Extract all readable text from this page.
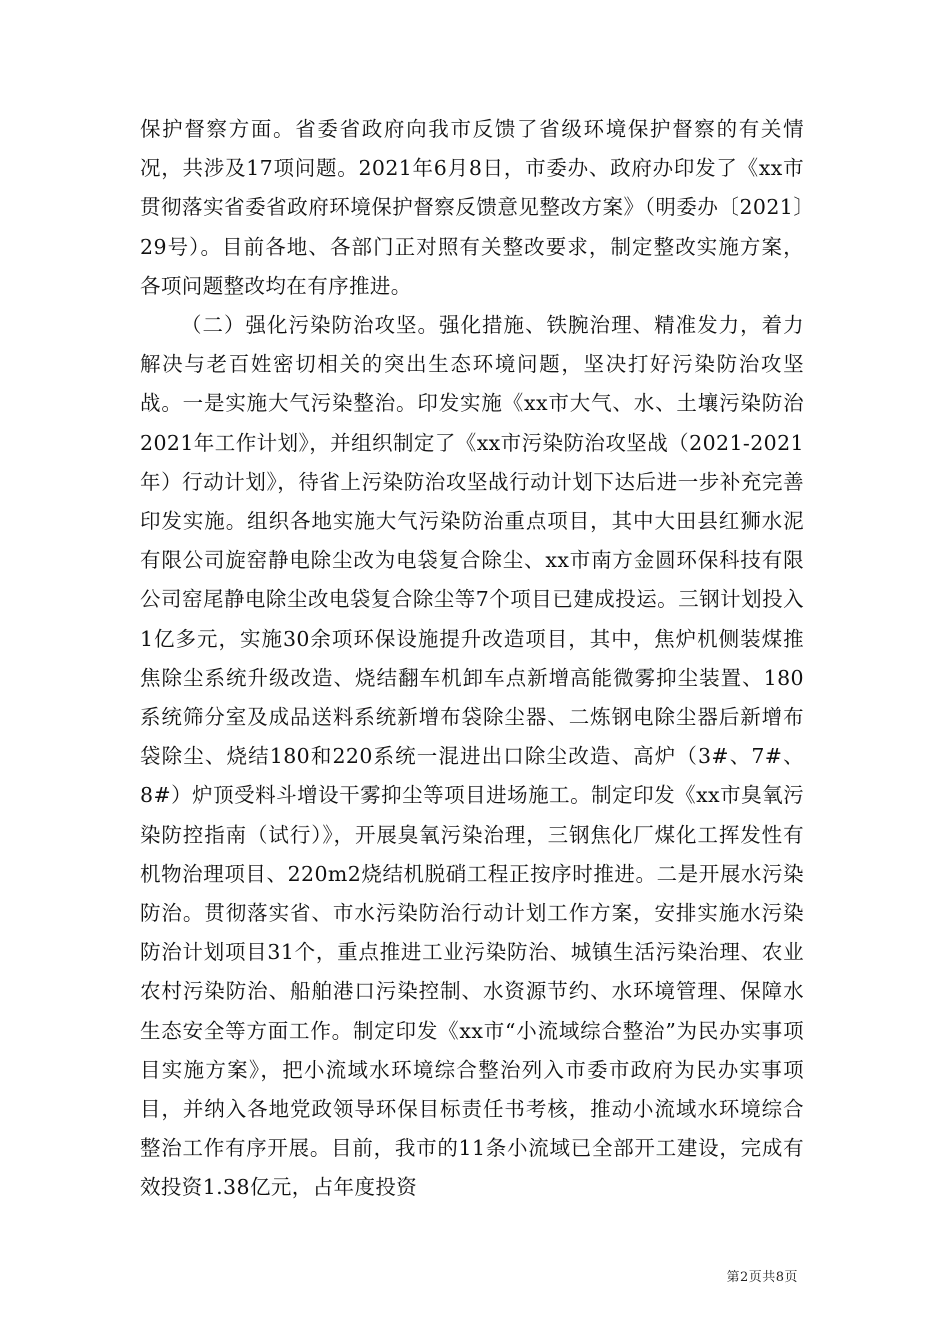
保护督察方面。省委省政府向我市反馈了省级环境保护督察的有关情况，共涉及17项问题。2021年6月8日，市委办、政府办印发了《xx市贯彻落实省委省政府环境保护督察反馈意见整改方案》（明委办〔2021〕29号）。目前各地、各部门正对照有关整改要求，制定整改实施方案，各项问题整改均在有序推进。

（二）强化污染防治攻坚。强化措施、铁腕治理、精准发力，着力解决与老百姓密切相关的突出生态环境问题，坚决打好污染防治攻坚战。一是实施大气污染整治。印发实施《xx市大气、水、土壤污染防治2021年工作计划》，并组织制定了《xx市污染防治攻坚战（2021-2021年）行动计划》，待省上污染防治攻坚战行动计划下达后进一步补充完善印发实施。组织各地实施大气污染防治重点项目，其中大田县红狮水泥有限公司旋窑静电除尘改为电袋复合除尘、xx市南方金圆环保科技有限公司窑尾静电除尘改电袋复合除尘等7个项目已建成投运。三钢计划投入1亿多元，实施30余项环保设施提升改造项目，其中，焦炉机侧装煤推焦除尘系统升级改造、烧结翻车机卸车点新增高能微雾抑尘装置、180系统筛分室及成品送料系统新增布袋除尘器、二炼钢电除尘器后新增布袋除尘、烧结180和220系统一混进出口除尘改造、高炉（3#、7#、8#）炉顶受料斗增设干雾抑尘等项目进场施工。制定印发《xx市臭氧污染防控指南（试行）》，开展臭氧污染治理，三钢焦化厂煤化工挥发性有机物治理项目、220m2烧结机脱硝工程正按序时推进。二是开展水污染防治。贯彻落实省、市水污染防治行动计划工作方案，安排实施水污染防治计划项目31个，重点推进工业污染防治、城镇生活污染治理、农业农村污染防治、船舶港口污染控制、水资源节约、水环境管理、保障水生态安全等方面工作。制定印发《xx市“小流域综合整治”为民办实事项目实施方案》，把小流域水环境综合整治列入市委市政府为民办实事项目，并纳入各地党政领导环保目标责任书考核，推动小流域水环境综合整治工作有序开展。目前，我市的11条小流域已全部开工建设，完成有效投资1.38亿元，占年度投资

第2页共8页
